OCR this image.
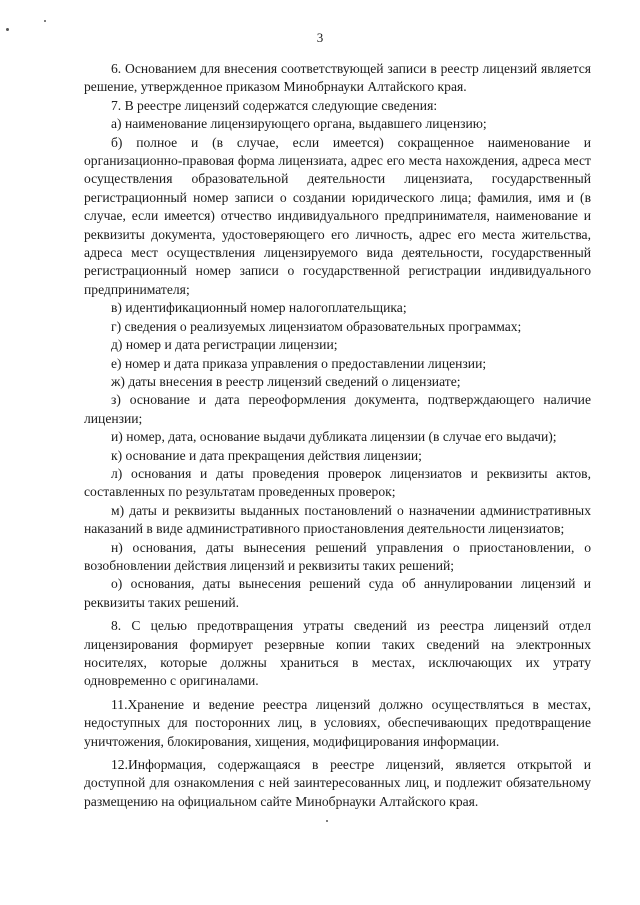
3

6. Основанием для внесения соответствующей записи в реестр лицензий является решение, утвержденное приказом Минобрнауки Алтайского края.

7. В реестре лицензий содержатся следующие сведения:

а) наименование лицензирующего органа, выдавшего лицензию;

б) полное и (в случае, если имеется) сокращенное наименование и организационно-правовая форма лицензиата, адрес его места нахождения, адреса мест осуществления образовательной деятельности лицензиата, государственный регистрационный номер записи о создании юридического лица; фамилия, имя и (в случае, если имеется) отчество индивидуального предпринимателя, наименование и реквизиты документа, удостоверяющего его личность, адрес его места жительства, адреса мест осуществления лицензируемого вида деятельности, государственный регистрационный номер записи о государственной регистрации индивидуального предпринимателя;

в) идентификационный номер налогоплательщика;

г) сведения о реализуемых лицензиатом образовательных программах;

д) номер и дата регистрации лицензии;

е) номер и дата приказа управления о предоставлении лицензии;

ж) даты внесения в реестр лицензий сведений о лицензиате;

з) основание и дата переоформления документа, подтверждающего наличие лицензии;

и) номер, дата, основание выдачи дубликата лицензии (в случае его выдачи);

к) основание и дата прекращения действия лицензии;

л) основания и даты проведения проверок лицензиатов и реквизиты актов, составленных по результатам проведенных проверок;

м) даты и реквизиты выданных постановлений о назначении административных наказаний в виде административного приостановления деятельности лицензиатов;

н) основания, даты вынесения решений управления о приостановлении, о возобновлении действия лицензий и реквизиты таких решений;

о) основания, даты вынесения решений суда об аннулировании лицензий и реквизиты таких решений.

8. С целью предотвращения утраты сведений из реестра лицензий отдел лицензирования формирует резервные копии таких сведений на электронных носителях, которые должны храниться в местах, исключающих их утрату одновременно с оригиналами.

11.Хранение и ведение реестра лицензий должно осуществляться в местах, недоступных для посторонних лиц, в условиях, обеспечивающих предотвращение уничтожения, блокирования, хищения, модифицирования информации.

12.Информация, содержащаяся в реестре лицензий, является открытой и доступной для ознакомления с ней заинтересованных лиц, и подлежит обязательному размещению на официальном сайте Минобрнауки Алтайского края.
